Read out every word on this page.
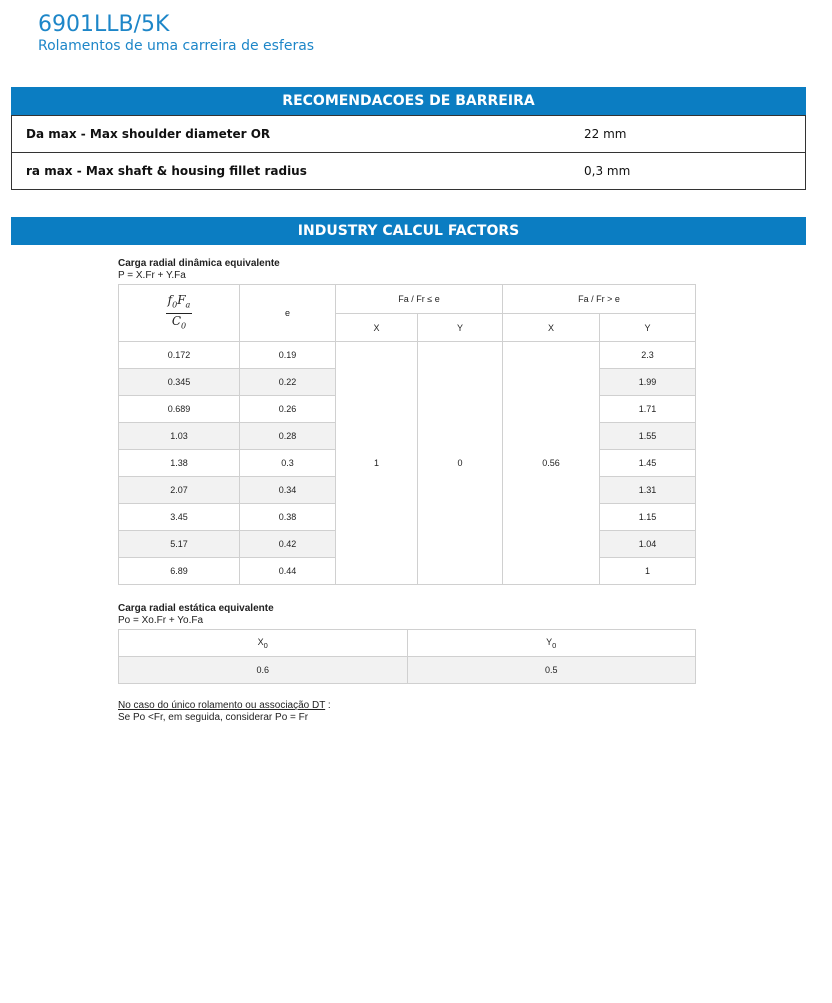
6901LLB/5K
Rolamentos de uma carreira de esferas
RECOMENDACOES DE BARREIRA
Da max - Max shoulder diameter OR	22 mm
ra max - Max shaft & housing fillet radius	0,3 mm
INDUSTRY CALCUL FACTORS
Carga radial dinâmica equivalente
P = X.Fr + Y.Fa
$\frac{f_0F_a}{C_0}$	e	Fa / Fr ≤ e		Fa / Fr > e	
		X	Y	X	Y
0.172	0.19	1	0	0.56	2.3
0.345	0.22				1.99
0.689	0.26				1.71
1.03	0.28				1.55
1.38	0.3				1.45
2.07	0.34				1.31
3.45	0.38				1.15
5.17	0.42				1.04
6.89	0.44				1
Carga radial estática equivalente
Po = Xo.Fr + Yo.Fa
$X_0$	$Y_0$
0.6	0.5
No caso do único rolamento ou associação DT :
Se Po <Fr, em seguida, considerar Po = Fr
